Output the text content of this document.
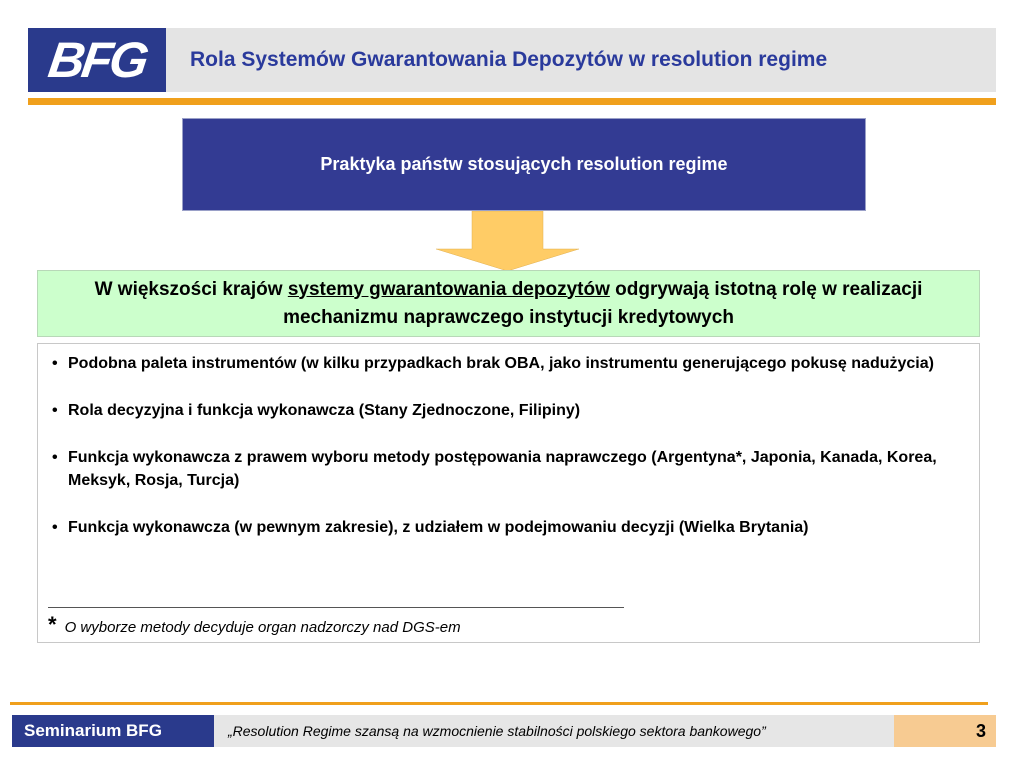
BFG Rola Systemów Gwarantowania Depozytów w resolution regime
Praktyka państw stosujących resolution regime
W większości krajów systemy gwarantowania depozytów odgrywają istotną rolę w realizacji mechanizmu naprawczego instytucji kredytowych
• Podobna paleta instrumentów (w kilku przypadkach brak OBA, jako instrumentu generującego pokusę nadużycia)
• Rola decyzyjna i funkcja wykonawcza (Stany Zjednoczone, Filipiny)
• Funkcja wykonawcza z prawem wyboru metody postępowania naprawczego (Argentyna*, Japonia, Kanada, Korea, Meksyk, Rosja, Turcja)
• Funkcja wykonawcza (w pewnym zakresie), z udziałem w podejmowaniu decyzji (Wielka Brytania)
* O wyborze metody decyduje organ nadzorczy nad DGS-em
Seminarium BFG	„Resolution Regime szansą na wzmocnienie stabilności polskiego sektora bankowego”	3
